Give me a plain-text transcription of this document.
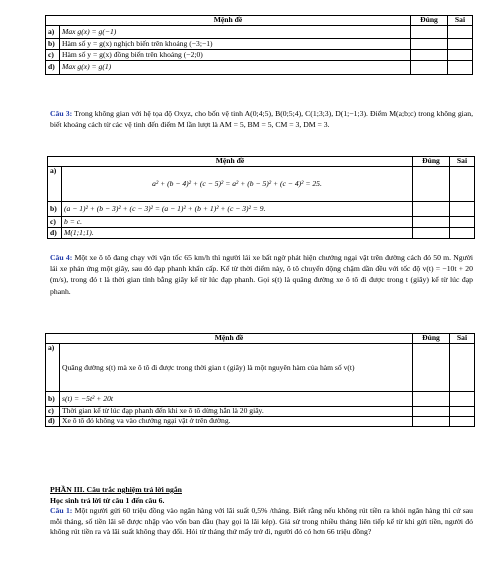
Mệnh đề		Đúng	Sai
a)	Max g(x) = g(−1)		
b)	Hàm số y = g(x) nghịch biến trên khoảng (−3;−1)		
c)	Hàm số y = g(x) đồng biến trên khoảng (−2;0)		
d)	Max g(x) = g(1)		
Câu 3: Trong không gian với hệ tọa độ Oxyz, cho bốn vệ tinh A(0;4;5), B(0;5;4), C(1;3;3), D(1;−1;3). Điểm M(a;b;c) trong không gian, biết khoảng cách từ các vệ tinh đến điểm M lần lượt là AM = 5, BM = 5, CM = 3, DM = 3.
Mệnh đề		Đúng	Sai
a)	a² + (b − 4)² + (c − 5)² = a² + (b − 5)² + (c − 4)² = 25.		
b)	(a − 1)² + (b − 3)² + (c − 3)² = (a − 1)² + (b + 1)² + (c − 3)² = 9.		
c)	b = c.		
d)	M(1;1;1).		
Câu 4: Một xe ô tô đang chạy với vận tốc 65 km/h thì người lái xe bất ngờ phát hiện chướng ngại vật trên đường cách đó 50 m. Người lái xe phản ứng một giây, sau đó đạp phanh khẩn cấp. Kể từ thời điểm này, ô tô chuyển động chậm dần đều với tốc độ v(t) = −10t + 20 (m/s), trong đó t là thời gian tính bằng giây kể từ lúc đạp phanh. Gọi s(t) là quãng đường xe ô tô đi được trong t (giây) kể từ lúc đạp phanh.
Mệnh đề		Đúng	Sai
a)	Quãng đường s(t) mà xe ô tô đi được trong thời gian t (giây) là một nguyên hàm của hàm số v(t)		
b)	s(t) = −5t² + 20t		
c)	Thời gian kể từ lúc đạp phanh đến khi xe ô tô dừng hẳn là 20 giây.		
d)	Xe ô tô đó không va vào chướng ngại vật ở trên đường.		
PHẦN III. Câu trắc nghiệm trả lời ngắn
Học sinh trả lời từ câu 1 đến câu 6.
Câu 1: Một người gửi 60 triệu đồng vào ngân hàng với lãi suất 0,5% /tháng. Biết rằng nếu không rút tiền ra khỏi ngân hàng thì cứ sau mỗi tháng, số tiền lãi sẽ được nhập vào vốn ban đầu (hay gọi là lãi kép). Giả sử trong nhiều tháng liên tiếp kể từ khi gửi tiền, người đó không rút tiền ra và lãi suất không thay đổi. Hỏi từ tháng thứ mấy trở đi, người đó có hơn 66 triệu đồng?
